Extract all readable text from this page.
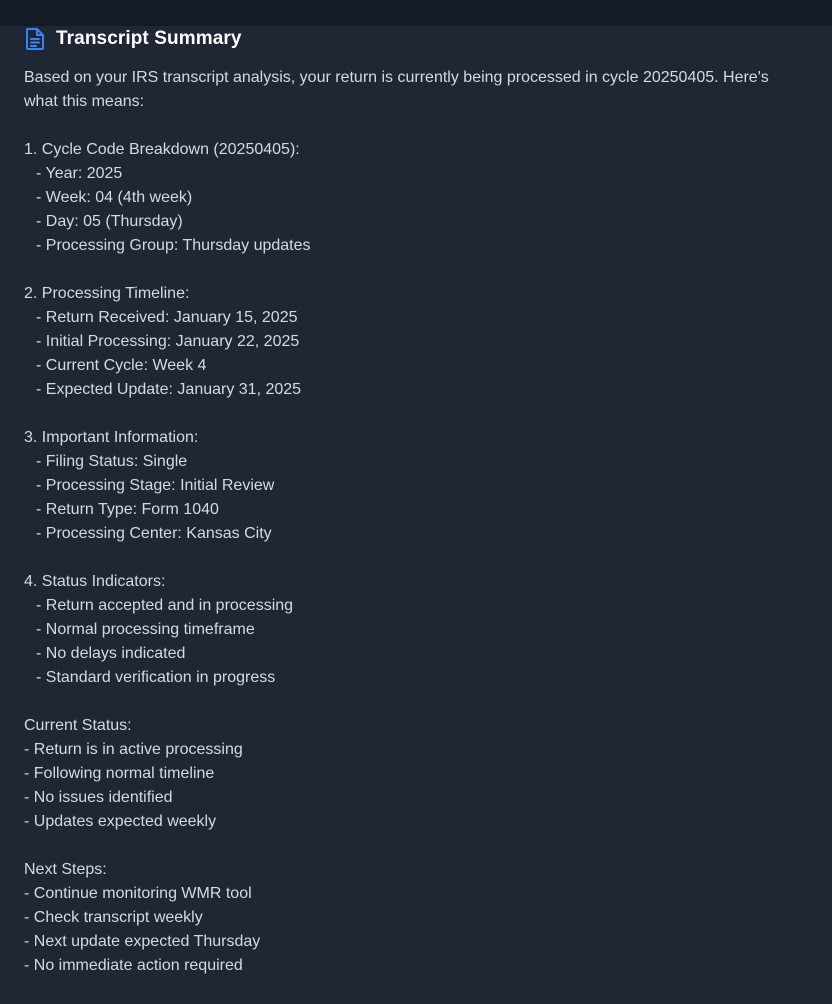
Transcript Summary
Based on your IRS transcript analysis, your return is currently being processed in cycle 20250405. Here's what this means:
1. Cycle Code Breakdown (20250405):
- Year: 2025
- Week: 04 (4th week)
- Day: 05 (Thursday)
- Processing Group: Thursday updates
2. Processing Timeline:
- Return Received: January 15, 2025
- Initial Processing: January 22, 2025
- Current Cycle: Week 4
- Expected Update: January 31, 2025
3. Important Information:
- Filing Status: Single
- Processing Stage: Initial Review
- Return Type: Form 1040
- Processing Center: Kansas City
4. Status Indicators:
- Return accepted and in processing
- Normal processing timeframe
- No delays indicated
- Standard verification in progress
Current Status:
- Return is in active processing
- Following normal timeline
- No issues identified
- Updates expected weekly
Next Steps:
- Continue monitoring WMR tool
- Check transcript weekly
- Next update expected Thursday
- No immediate action required
